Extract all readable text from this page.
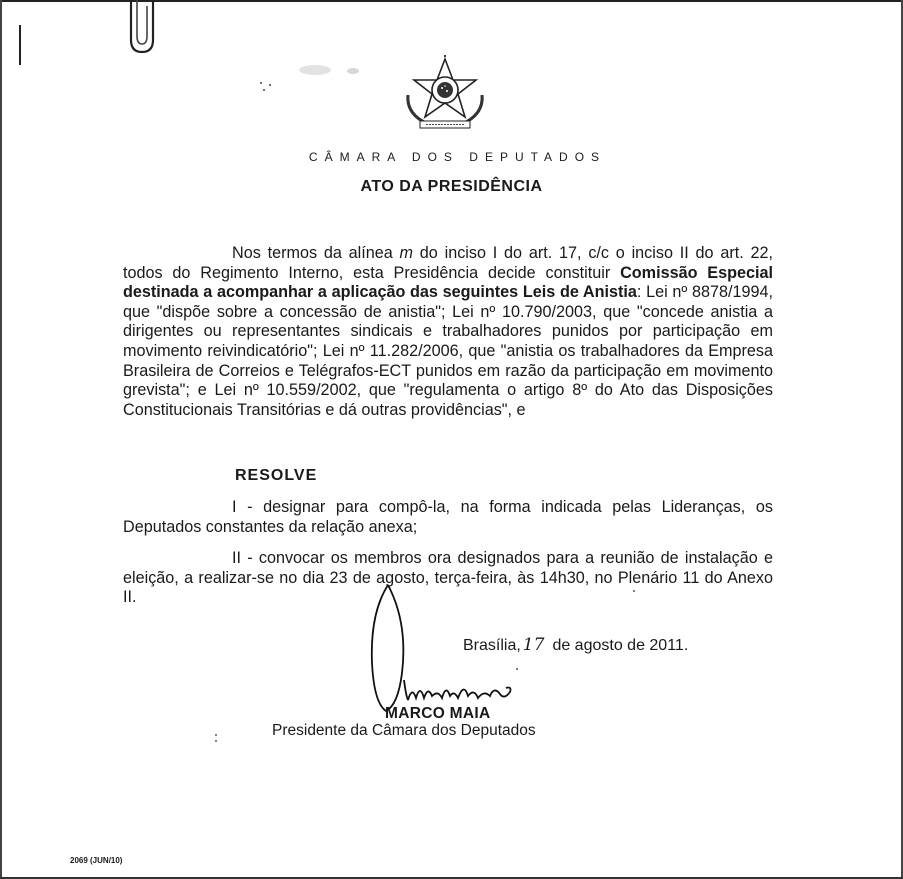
CÂMARA DOS DEPUTADOS
ATO DA PRESIDÊNCIA

Nos termos da alínea m do inciso I do art. 17, c/c o inciso II do art. 22, todos do Regimento Interno, esta Presidência decide constituir Comissão Especial destinada a acompanhar a aplicação das seguintes Leis de Anistia: Lei nº 8878/1994, que "dispõe sobre a concessão de anistia"; Lei nº 10.790/2003, que "concede anistia a dirigentes ou representantes sindicais e trabalhadores punidos por participação em movimento reivindicatório"; Lei nº 11.282/2006, que "anistia os trabalhadores da Empresa Brasileira de Correios e Telégrafos-ECT punidos em razão da participação em movimento grevista"; e Lei nº 10.559/2002, que "regulamenta o artigo 8º do Ato das Disposições Constitucionais Transitórias e dá outras providências", e

RESOLVE
I - designar para compô-la, na forma indicada pelas Lideranças, os Deputados constantes da relação anexa;
II - convocar os membros ora designados para a reunião de instalação e eleição, a realizar-se no dia 23 de agosto, terça-feira, às 14h30, no Plenário 11 do Anexo II.
Brasília, 17 de agosto de 2011.
MARCO MAIA
Presidente da Câmara dos Deputados
2069 (JUN/10)
